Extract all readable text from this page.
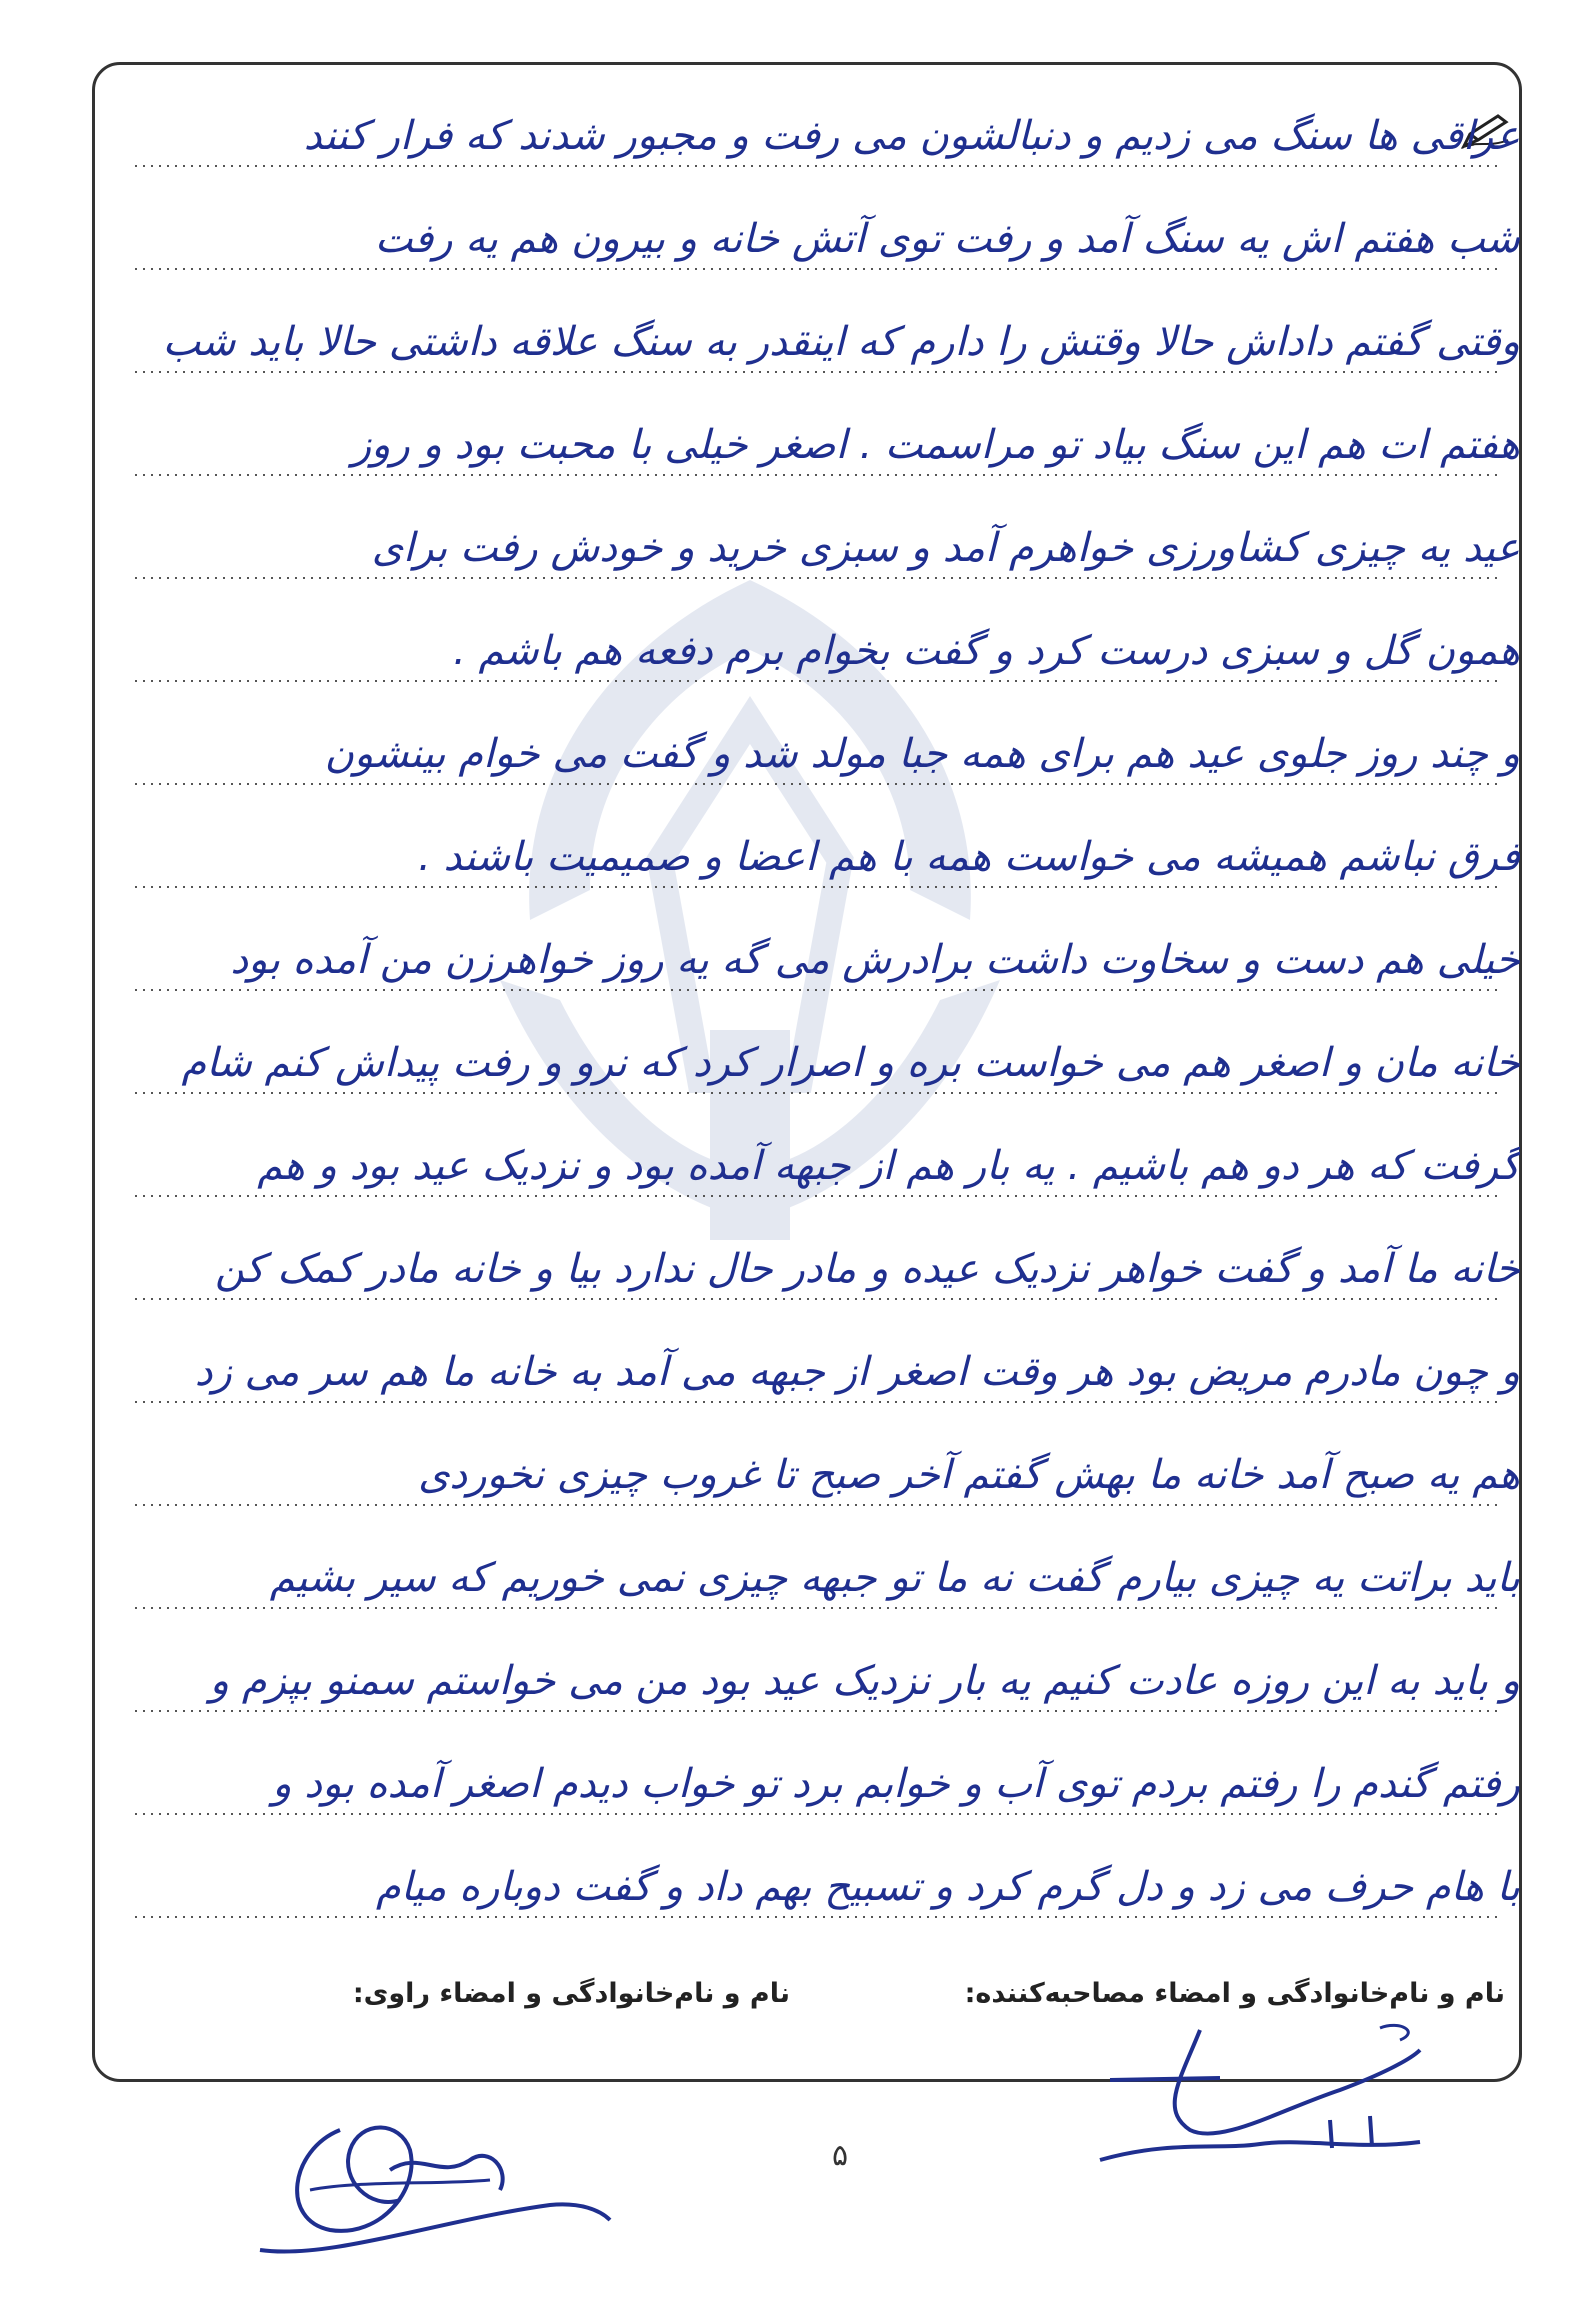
عراقی ها سنگ می زدیم و دنبالشون می رفت و مجبور شدند که فرار کنند
شب هفتم اش یه سنگ آمد و رفت توی آتش خانه و بیرون هم یه رفت
وقتی گفتم داداش حالا وقتش را دارم که اینقدر به سنگ علاقه داشتی حالا باید شب
هفتم ات هم این سنگ بیاد تو مراسمت . اصغر خیلی با محبت بود و روز
عید یه چیزی کشاورزی خواهرم آمد و سبزی خرید و خودش رفت برای
همون گل و سبزی درست کرد و گفت بخوام برم دفعه هم باشم .
و چند روز جلوی عید هم برای همه جبا مولد شد و گفت می خوام بینشون
فرق نباشم همیشه می خواست همه با هم اعضا و صمیمیت باشند .
خیلی هم دست و سخاوت داشت برادرش می گه یه روز خواهرزن من آمده بود
خانه مان و اصغر هم می خواست بره و اصرار کرد که نرو و رفت پیداش کنم شام
گرفت که هر دو هم باشیم . یه بار هم از جبهه آمده بود و نزدیک عید بود و هم
خانه ما آمد و گفت خواهر نزدیک عیده و مادر حال ندارد بیا و خانه مادر کمک کن
و چون مادرم مریض بود هر وقت اصغر از جبهه می آمد به خانه ما هم سر می زد
هم یه صبح آمد خانه ما بهش گفتم آخر صبح تا غروب چیزی نخوردی
باید براتت یه چیزی بیارم گفت نه ما تو جبهه چیزی نمی خوریم که سیر بشیم
و باید به این روزه عادت کنیم یه بار نزدیک عید بود من می خواستم سمنو بپزم و
رفتم گندم را رفتم بردم توی آب و خوابم برد تو خواب دیدم اصغر آمده بود و
با هام حرف می زد و دل گرم کرد و تسبیح بهم داد و گفت دوباره میام
نام و نام‌خانوادگی و امضاء مصاحبه‌کننده:
نام و نام‌خانوادگی و امضاء راوی:
۵
